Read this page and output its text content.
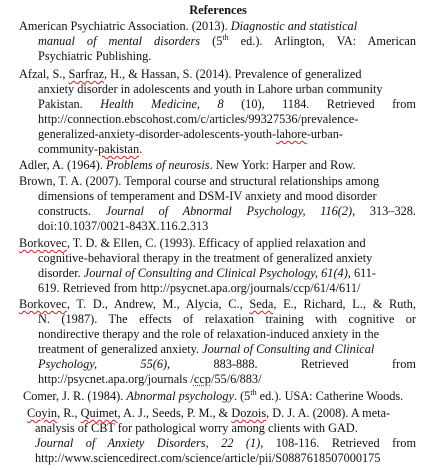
References
American Psychiatric Association. (2013). Diagnostic and statistical
manual of mental disorders (5th ed.). Arlington, VA: American
Psychiatric Publishing.
Afzal, S., Sarfraz, H., & Hassan, S. (2014). Prevalence of generalized
anxiety disorder in adolescents and youth in Lahore urban community
Pakistan. Health Medicine, 8 (10), 1184. Retrieved from
http://connection.ebscohost.com/c/articles/99327536/prevalence-
generalized-anxiety-disorder-adolescents-youth-lahore-urban-
community-pakistan.
Adler, A. (1964). Problems of neurosis. New York: Harper and Row.
Brown, T. A. (2007). Temporal course and structural relationships among
dimensions of temperament and DSM-IV anxiety and mood disorder
constructs. Journal of Abnormal Psychology, 116(2), 313–328.
doi:10.1037/0021-843X.116.2.313
Borkovec, T. D. & Ellen, C. (1993). Efficacy of applied relaxation and
cognitive-behavioral therapy in the treatment of generalized anxiety
disorder. Journal of Consulting and Clinical Psychology, 61(4), 611-
619. Retrieved from http://psycnet.apa.org/journals/ccp/61/4/611/
Borkovec, T. D., Andrew, M., Alycia, C., Seda, E., Richard, L., & Ruth,
N. (1987). The effects of relaxation training with cognitive or
nondirective therapy and the role of relaxation-induced anxiety in the
treatment of generalized anxiety. Journal of Consulting and Clinical
Psychology,	55(6),	883-888.	Retrieved	from
http://psycnet.apa.org/journals /ccp/55/6/883/
Comer, J. R. (1984). Abnormal psychology. (5th ed.). USA: Catherine Woods.
Coyin, R., Quimet, A. J., Seeds, P. M., & Dozois, D. J. A. (2008). A meta-
analysis of CBT for pathological worry among clients with GAD.
Journal of Anxiety Disorders, 22 (1), 108-116. Retrieved from
http://www.sciencedirect.com/science/article/pii/S0887618507000175
